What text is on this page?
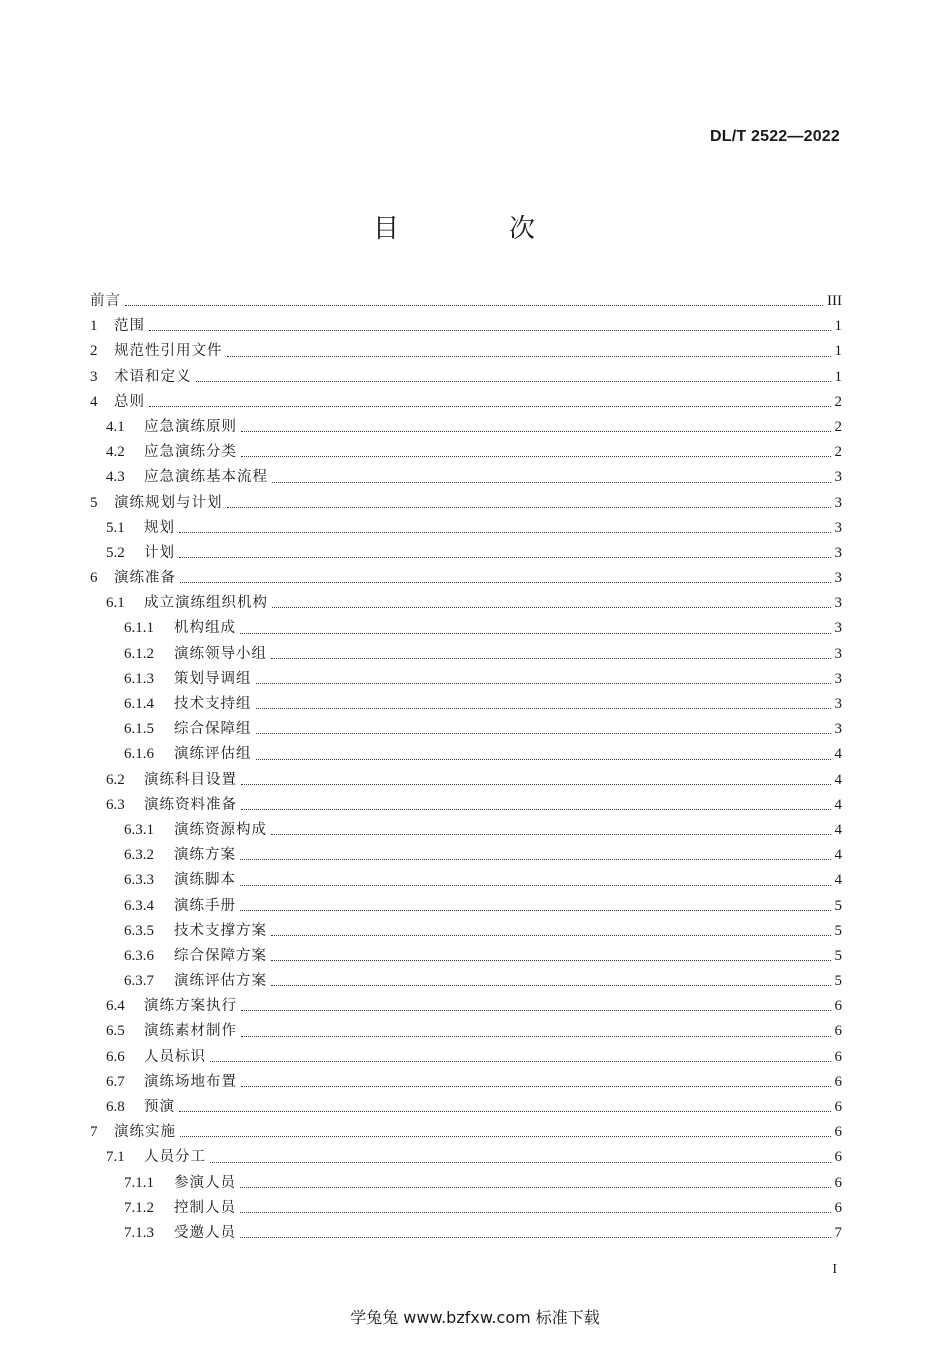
DL/T 2522—2022
目　次
前言	III
1	范围	1
2	规范性引用文件	1
3	术语和定义	1
4	总则	2
4.1	应急演练原则	2
4.2	应急演练分类	2
4.3	应急演练基本流程	3
5	演练规划与计划	3
5.1	规划	3
5.2	计划	3
6	演练准备	3
6.1	成立演练组织机构	3
6.1.1	机构组成	3
6.1.2	演练领导小组	3
6.1.3	策划导调组	3
6.1.4	技术支持组	3
6.1.5	综合保障组	3
6.1.6	演练评估组	4
6.2	演练科目设置	4
6.3	演练资料准备	4
6.3.1	演练资源构成	4
6.3.2	演练方案	4
6.3.3	演练脚本	4
6.3.4	演练手册	5
6.3.5	技术支撑方案	5
6.3.6	综合保障方案	5
6.3.7	演练评估方案	5
6.4	演练方案执行	6
6.5	演练素材制作	6
6.6	人员标识	6
6.7	演练场地布置	6
6.8	预演	6
7	演练实施	6
7.1	人员分工	6
7.1.1	参演人员	6
7.1.2	控制人员	6
7.1.3	受邀人员	7
I
学兔兔 www.bzfxw.com 标准下载
